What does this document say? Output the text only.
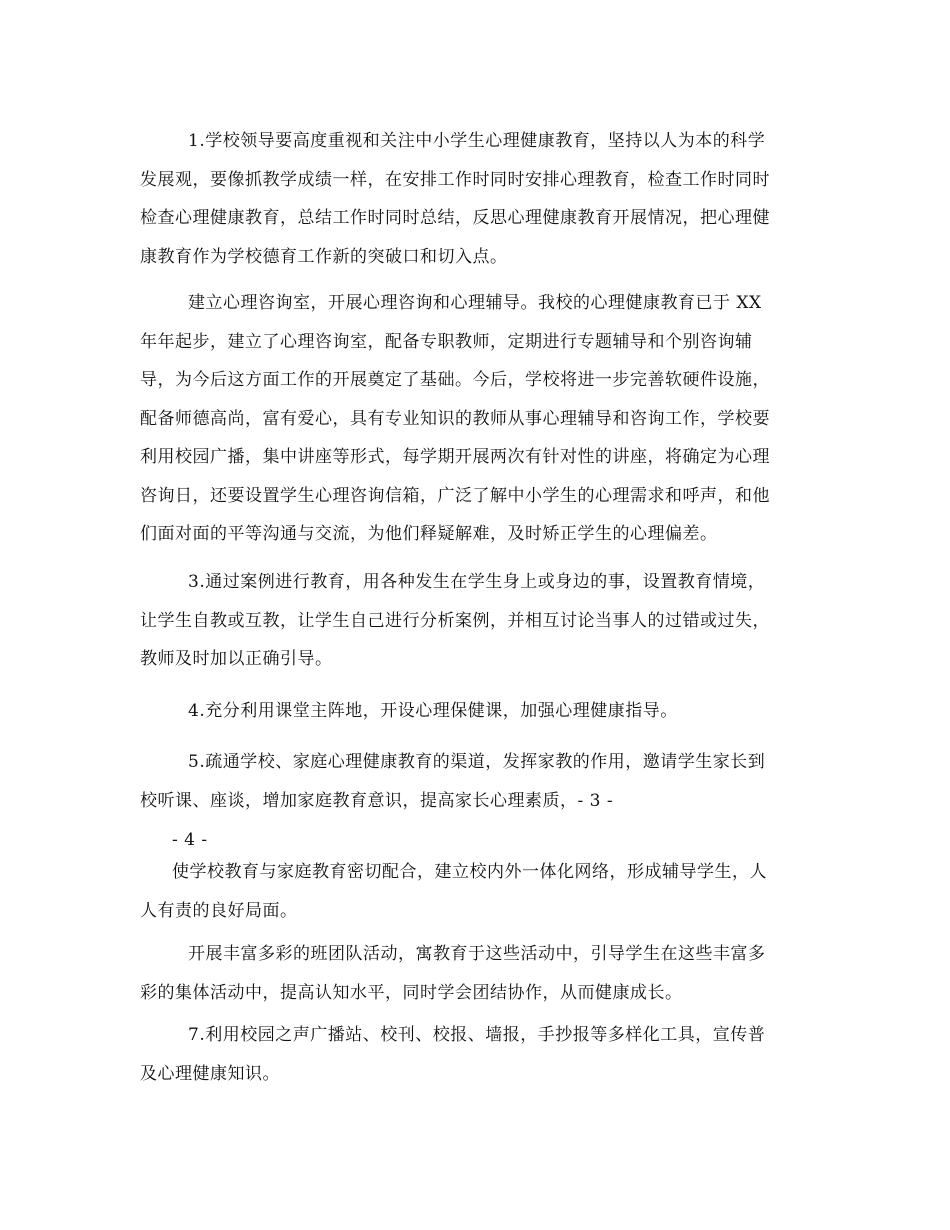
1.学校领导要高度重视和关注中小学生心理健康教育，坚持以人为本的科学
发展观，要像抓教学成绩一样，在安排工作时同时安排心理教育，检查工作时同时
检查心理健康教育，总结工作时同时总结，反思心理健康教育开展情况，把心理健
康教育作为学校德育工作新的突破口和切入点。
建立心理咨询室，开展心理咨询和心理辅导。我校的心理健康教育已于 XX
年年起步，建立了心理咨询室，配备专职教师，定期进行专题辅导和个别咨询辅
导，为今后这方面工作的开展奠定了基础。今后，学校将进一步完善软硬件设施，
配备师德高尚，富有爱心，具有专业知识的教师从事心理辅导和咨询工作，学校要
利用校园广播，集中讲座等形式，每学期开展两次有针对性的讲座，将确定为心理
咨询日，还要设置学生心理咨询信箱，广泛了解中小学生的心理需求和呼声，和他
们面对面的平等沟通与交流，为他们释疑解难，及时矫正学生的心理偏差。
3.通过案例进行教育，用各种发生在学生身上或身边的事，设置教育情境，
让学生自教或互教，让学生自己进行分析案例，并相互讨论当事人的过错或过失，
教师及时加以正确引导。
4.充分利用课堂主阵地，开设心理保健课，加强心理健康指导。
5.疏通学校、家庭心理健康教育的渠道，发挥家教的作用，邀请学生家长到
校听课、座谈，增加家庭教育意识，提高家长心理素质，- 3 -
- 4 -
使学校教育与家庭教育密切配合，建立校内外一体化网络，形成辅导学生，人
人有责的良好局面。
开展丰富多彩的班团队活动，寓教育于这些活动中，引导学生在这些丰富多
彩的集体活动中，提高认知水平，同时学会团结协作，从而健康成长。
7.利用校园之声广播站、校刊、校报、墙报，手抄报等多样化工具，宣传普
及心理健康知识。
